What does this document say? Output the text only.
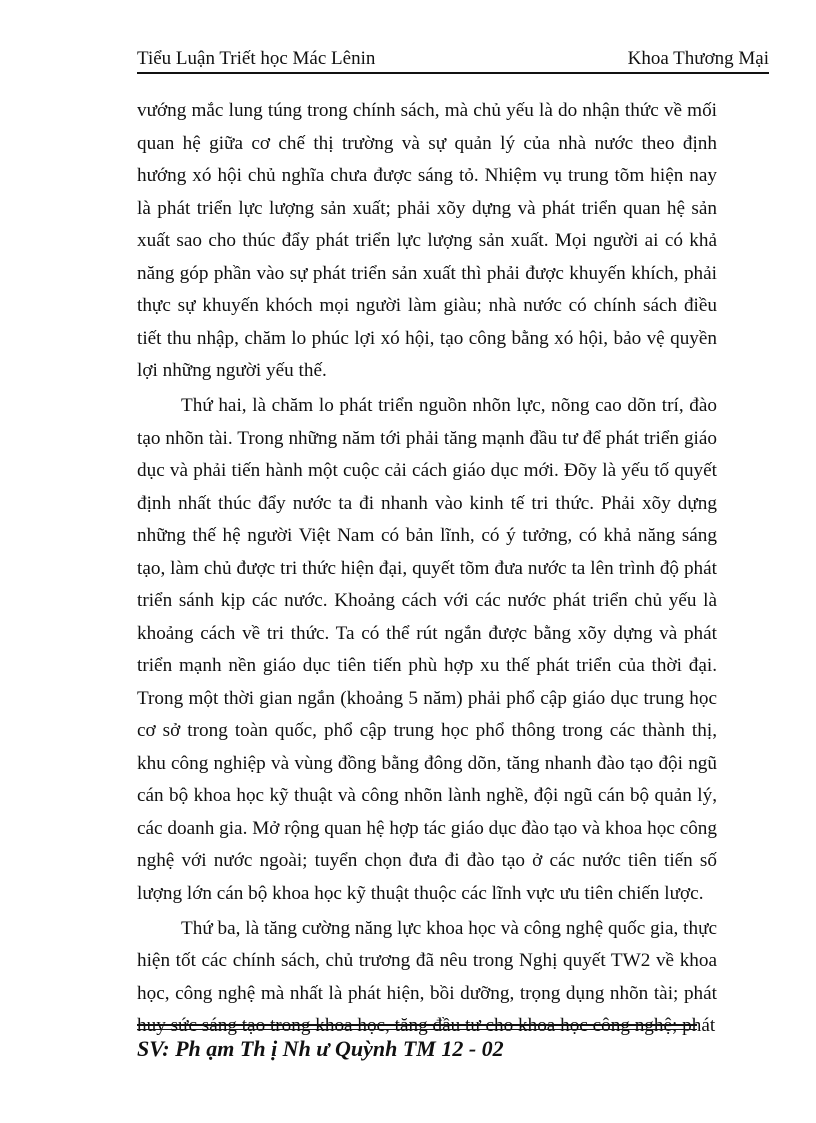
Tiểu Luận Triết học Mác Lênin	Khoa Thương Mại

vướng mắc lung túng trong chính sách, mà chủ yếu là do nhận thức về mối quan hệ giữa cơ chế thị trường và sự quản lý của nhà nước theo định hướng xó hội chủ nghĩa chưa được sáng tỏ. Nhiệm vụ trung tõm hiện nay là phát triển lực lượng sản xuất; phải xõy dựng và phát triển quan hệ sản xuất sao cho thúc đẩy phát triển lực lượng sản xuất. Mọi người ai có khả năng góp phần vào sự phát triển sản xuất thì phải được khuyến khích, phải thực sự khuyến khóch mọi người làm giàu; nhà nước có chính sách điều tiết thu nhập, chăm lo phúc lợi xó hội, tạo công bằng xó hội, bảo vệ quyền lợi những người yếu thế.

Thứ hai, là chăm lo phát triển nguồn nhõn lực, nõng cao dõn trí, đào tạo nhõn tài. Trong những năm tới phải tăng mạnh đầu tư để phát triển giáo dục và phải tiến hành một cuộc cải cách giáo dục mới. Đõy là yếu tố quyết định nhất thúc đẩy nước ta đi nhanh vào kinh tế tri thức. Phải xõy dựng những thế hệ người Việt Nam có bản lĩnh, có ý tưởng, có khả năng sáng tạo, làm chủ được tri thức hiện đại, quyết tõm đưa nước ta lên trình độ phát triển sánh kịp các nước. Khoảng cách với các nước phát triển chủ yếu là khoảng cách về tri thức. Ta có thể rút ngắn được bằng xõy dựng và phát triển mạnh nền giáo dục tiên tiến phù hợp xu thế phát triển của thời đại. Trong một thời gian ngắn (khoảng 5 năm) phải phổ cập giáo dục trung học cơ sở trong toàn quốc, phổ cập trung học phổ thông trong các thành thị, khu công nghiệp và vùng đồng bằng đông dõn, tăng nhanh đào tạo đội ngũ cán bộ khoa học kỹ thuật và công nhõn lành nghề, đội ngũ cán bộ quản lý, các doanh gia. Mở rộng quan hệ hợp tác giáo dục đào tạo và khoa học công nghệ với nước ngoài; tuyển chọn đưa đi đào tạo ở các nước tiên tiến số lượng lớn cán bộ khoa học kỹ thuật thuộc các lĩnh vực ưu tiên chiến lược.

Thứ ba, là tăng cường năng lực khoa học và công nghệ quốc gia, thực hiện tốt các chính sách, chủ trương đã nêu trong Nghị quyết TW2 về khoa học, công nghệ mà nhất là phát hiện, bồi dưỡng, trọng dụng nhõn tài; phát huy sức sáng tạo trong khoa học, tăng đầu tư cho khoa học công nghệ; phát

SV: Ph ạm Th ị Nh ư Quỳnh TM 12 - 02
